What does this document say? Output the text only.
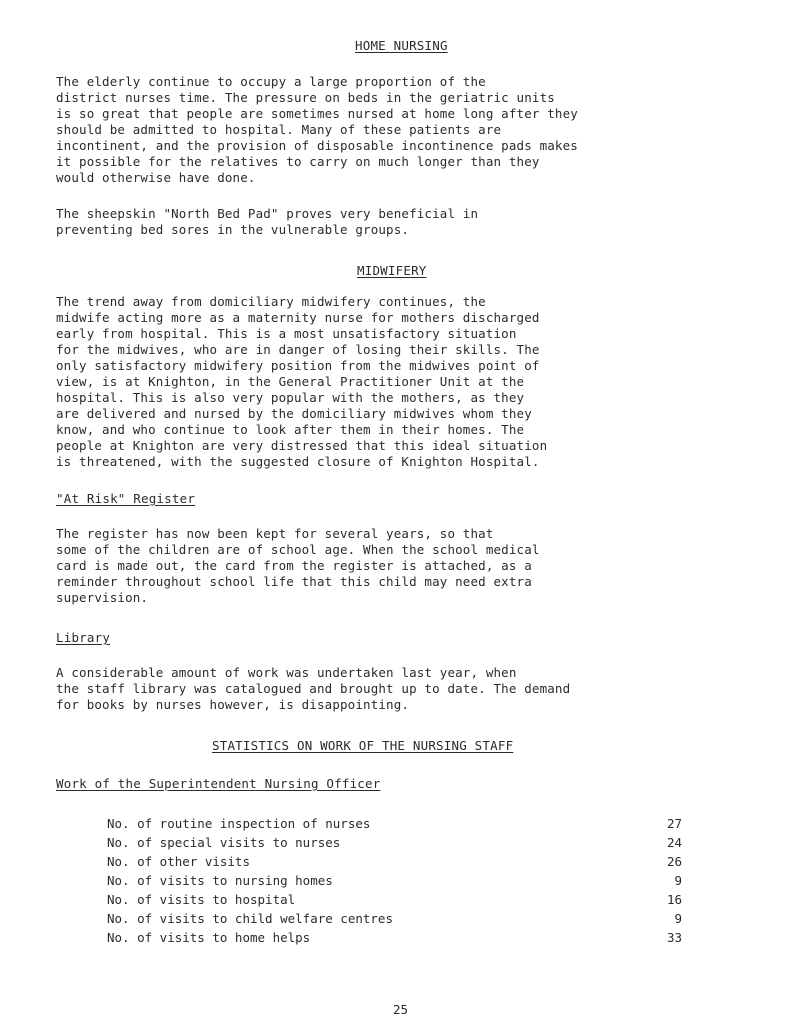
HOME NURSING
The elderly continue to occupy a large proportion of the
district nurses time. The pressure on beds in the geriatric units
is so great that people are sometimes nursed at home long after they
should be admitted to hospital. Many of these patients are
incontinent, and the provision of disposable incontinence pads makes
it possible for the relatives to carry on much longer than they
would otherwise have done.
The sheepskin "North Bed Pad" proves very beneficial in
preventing bed sores in the vulnerable groups.
MIDWIFERY
The trend away from domiciliary midwifery continues, the
midwife acting more as a maternity nurse for mothers discharged
early from hospital. This is a most unsatisfactory situation
for the midwives, who are in danger of losing their skills. The
only satisfactory midwifery position from the midwives point of
view, is at Knighton, in the General Practitioner Unit at the
hospital. This is also very popular with the mothers, as they
are delivered and nursed by the domiciliary midwives whom they
know, and who continue to look after them in their homes. The
people at Knighton are very distressed that this ideal situation
is threatened, with the suggested closure of Knighton Hospital.
"At Risk" Register
The register has now been kept for several years, so that
some of the children are of school age. When the school medical
card is made out, the card from the register is attached, as a
reminder throughout school life that this child may need extra
supervision.
Library
A considerable amount of work was undertaken last year, when
the staff library was catalogued and brought up to date. The demand
for books by nurses however, is disappointing.
STATISTICS ON WORK OF THE NURSING STAFF
Work of the Superintendent Nursing Officer
No. of routine inspection of nurses	27
No. of special visits to nurses	24
No. of other visits	26
No. of visits to nursing homes	9
No. of visits to hospital	16
No. of visits to child welfare centres	9
No. of visits to home helps	33
25
